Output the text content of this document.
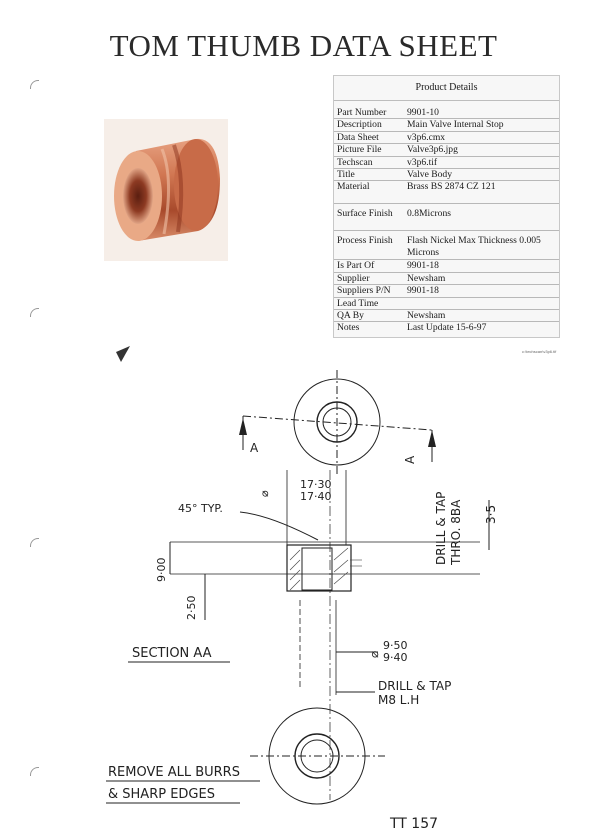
TOM THUMB DATA SHEET
Product Details
Part Number	9901-10
Description	Main Valve Internal Stop
Data Sheet	v3p6.cmx
Picture File	Valve3p6.jpg
Techscan	v3p6.tif
Title	Valve Body
Material	Brass BS 2874 CZ 121
Surface Finish	0.8Microns
Process Finish	Flash Nickel Max Thickness 0.005 Microns
Is Part Of	9901-18
Supplier	Newsham
Suppliers P/N	9901-18
Lead Time
QA By	Newsham
Notes	Last Update 15-6-97
c:\techscan\v3p6.tif
A
A
17·30
17·40
⌀
45° TYP.	DRILL & TAP THRO. 8BA 3·5
9·00
2·50
SECTION AA	⌀
9·50
9·40
DRILL & TAP
M8 L.H
REMOVE ALL BURRS
& SHARP EDGES
TT 157
